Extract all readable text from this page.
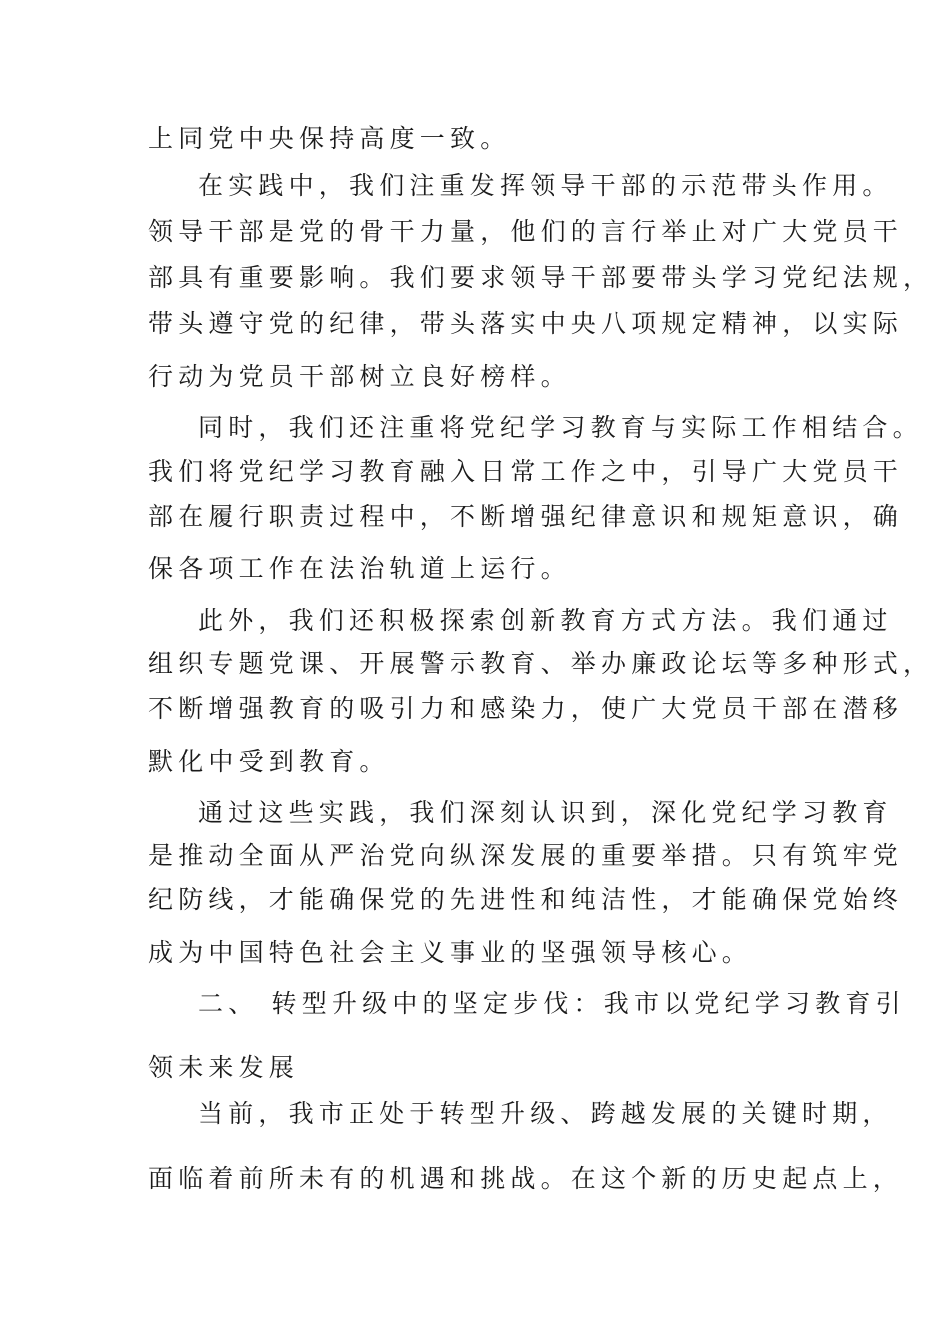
上同党中央保持高度一致。
在实践中，我们注重发挥领导干部的示范带头作用。
领导干部是党的骨干力量，他们的言行举止对广大党员干
部具有重要影响。我们要求领导干部要带头学习党纪法规，
带头遵守党的纪律，带头落实中央八项规定精神，以实际
行动为党员干部树立良好榜样。
同时，我们还注重将党纪学习教育与实际工作相结合。
我们将党纪学习教育融入日常工作之中，引导广大党员干
部在履行职责过程中，不断增强纪律意识和规矩意识，确
保各项工作在法治轨道上运行。
此外，我们还积极探索创新教育方式方法。我们通过
组织专题党课、开展警示教育、举办廉政论坛等多种形式，
不断增强教育的吸引力和感染力，使广大党员干部在潜移
默化中受到教育。
通过这些实践，我们深刻认识到，深化党纪学习教育
是推动全面从严治党向纵深发展的重要举措。只有筑牢党
纪防线，才能确保党的先进性和纯洁性，才能确保党始终
成为中国特色社会主义事业的坚强领导核心。
二、 转型升级中的坚定步伐：我市以党纪学习教育引
领未来发展
当前，我市正处于转型升级、跨越发展的关键时期，
面临着前所未有的机遇和挑战。在这个新的历史起点上，
